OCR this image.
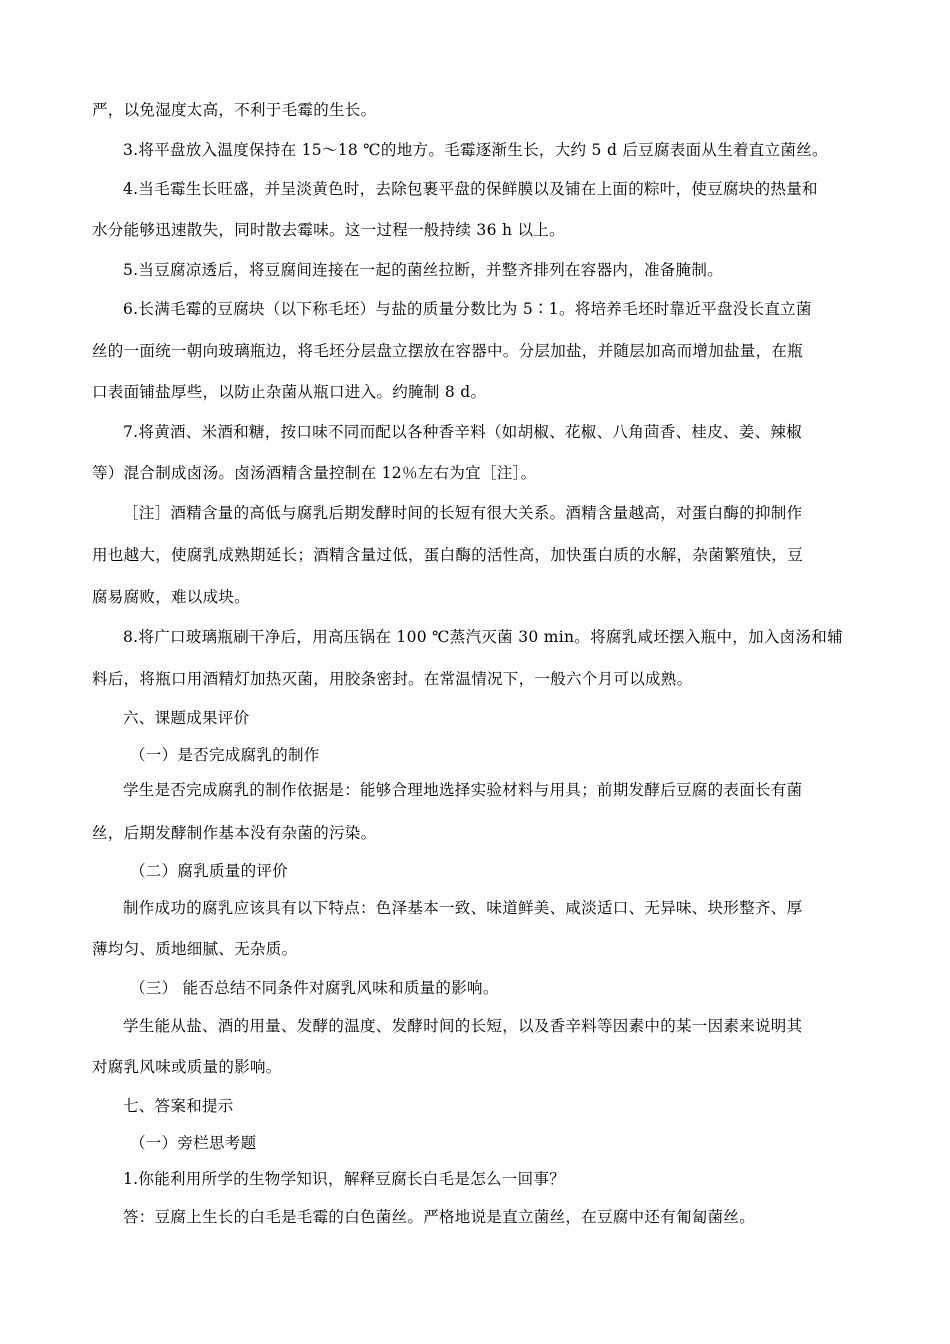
严，以免湿度太高，不利于毛霉的生长。
3.将平盘放入温度保持在 15～18 ℃的地方。毛霉逐渐生长，大约 5 d 后豆腐表面从生着直立菌丝。
4.当毛霉生长旺盛，并呈淡黄色时，去除包裹平盘的保鲜膜以及铺在上面的粽叶，使豆腐块的热量和
水分能够迅速散失，同时散去霉味。这一过程一般持续 36 h 以上。
5.当豆腐凉透后，将豆腐间连接在一起的菌丝拉断，并整齐排列在容器内，准备腌制。
6.长满毛霉的豆腐块（以下称毛坯）与盐的质量分数比为 5∶1。将培养毛坯时靠近平盘没长直立菌
丝的一面统一朝向玻璃瓶边，将毛坯分层盘立摆放在容器中。分层加盐，并随层加高而增加盐量，在瓶
口表面铺盐厚些，以防止杂菌从瓶口进入。约腌制 8 d。
7.将黄酒、米酒和糖，按口味不同而配以各种香辛料（如胡椒、花椒、八角茴香、桂皮、姜、辣椒
等）混合制成卤汤。卤汤酒精含量控制在 12％左右为宜［注］。
［注］酒精含量的高低与腐乳后期发酵时间的长短有很大关系。酒精含量越高，对蛋白酶的抑制作
用也越大，使腐乳成熟期延长；酒精含量过低，蛋白酶的活性高，加快蛋白质的水解，杂菌繁殖快，豆
腐易腐败，难以成块。
8.将广口玻璃瓶刷干净后，用高压锅在 100 ℃蒸汽灭菌 30 min。将腐乳咸坯摆入瓶中，加入卤汤和辅
料后，将瓶口用酒精灯加热灭菌，用胶条密封。在常温情况下，一般六个月可以成熟。
六、课题成果评价
（一）是否完成腐乳的制作
学生是否完成腐乳的制作依据是：能够合理地选择实验材料与用具；前期发酵后豆腐的表面长有菌
丝，后期发酵制作基本没有杂菌的污染。
（二）腐乳质量的评价
制作成功的腐乳应该具有以下特点：色泽基本一致、味道鲜美、咸淡适口、无异味、块形整齐、厚
薄均匀、质地细腻、无杂质。
（三） 能否总结不同条件对腐乳风味和质量的影响。
学生能从盐、酒的用量、发酵的温度、发酵时间的长短，以及香辛料等因素中的某一因素来说明其
对腐乳风味或质量的影响。
七、答案和提示
（一）旁栏思考题
1.你能利用所学的生物学知识，解释豆腐长白毛是怎么一回事？
答：豆腐上生长的白毛是毛霉的白色菌丝。严格地说是直立菌丝，在豆腐中还有匍匐菌丝。
